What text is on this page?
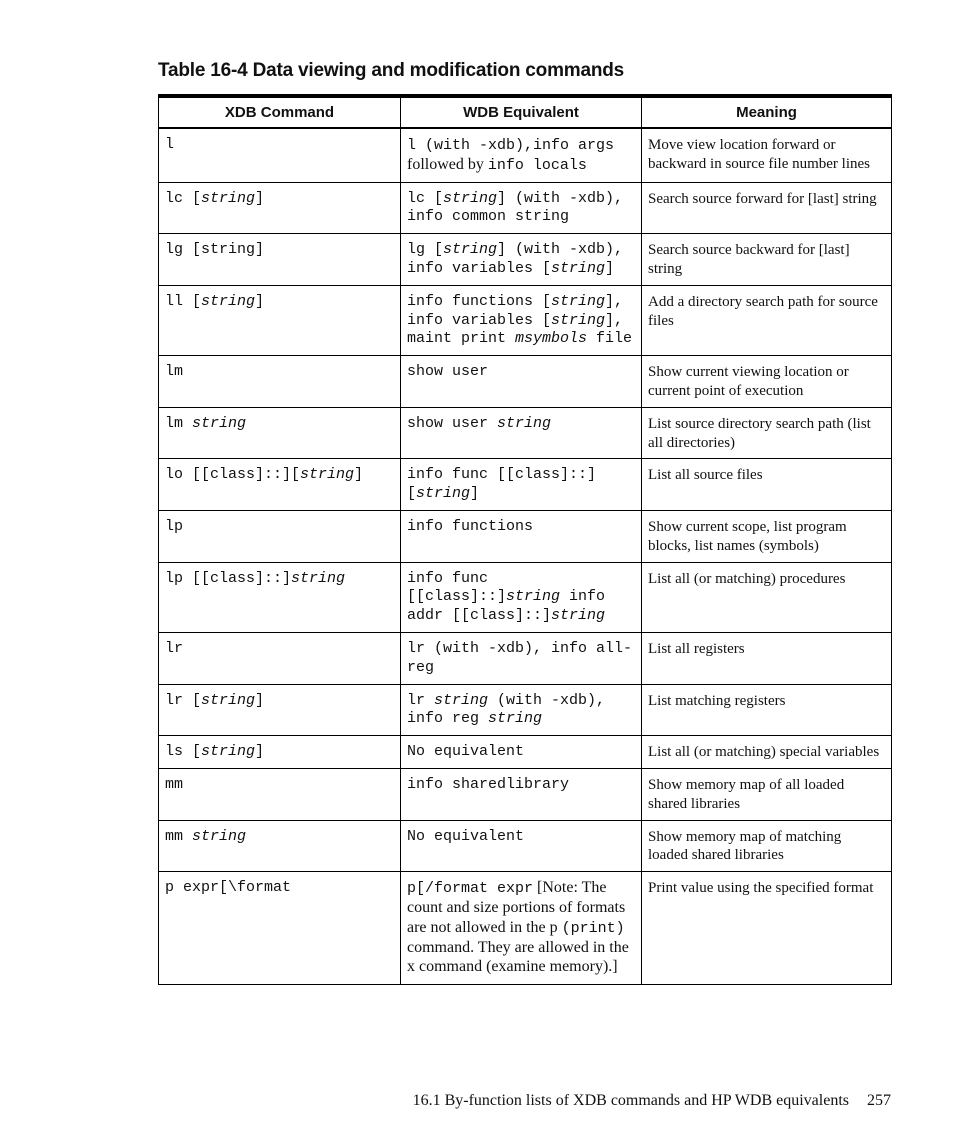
Table 16-4 Data viewing and modification commands
XDB Command	WDB Equivalent	Meaning
l	l (with -xdb),info args followed by info locals	Move view location forward or backward in source file number lines
lc [string]	lc [string] (with -xdb), info common string	Search source forward for [last] string
lg [string]	lg [string] (with -xdb), info variables [string]	Search source backward for [last] string
ll [string]	info functions [string], info variables [string], maint print msymbols file	Add a directory search path for source files
lm	show user	Show current viewing location or current point of execution
lm string	show user string	List source directory search path (list all directories)
lo [[class]::][string]	info func [[class]::][string]	List all source files
lp	info functions	Show current scope, list program blocks, list names (symbols)
lp [[class]::]string	info func [[class]::]string info addr [[class]::]string	List all (or matching) procedures
lr	lr (with -xdb), info all-reg	List all registers
lr [string]	lr string (with -xdb), info reg string	List matching registers
ls [string]	No equivalent	List all (or matching) special variables
mm	info sharedlibrary	Show memory map of all loaded shared libraries
mm string	No equivalent	Show memory map of matching loaded shared libraries
p expr[\format	p[/format expr [Note: The count and size portions of formats are not allowed in the p (print) command. They are allowed in the x command (examine memory).]	Print value using the specified format
16.1 By-function lists of XDB commands and HP WDB equivalents 257
